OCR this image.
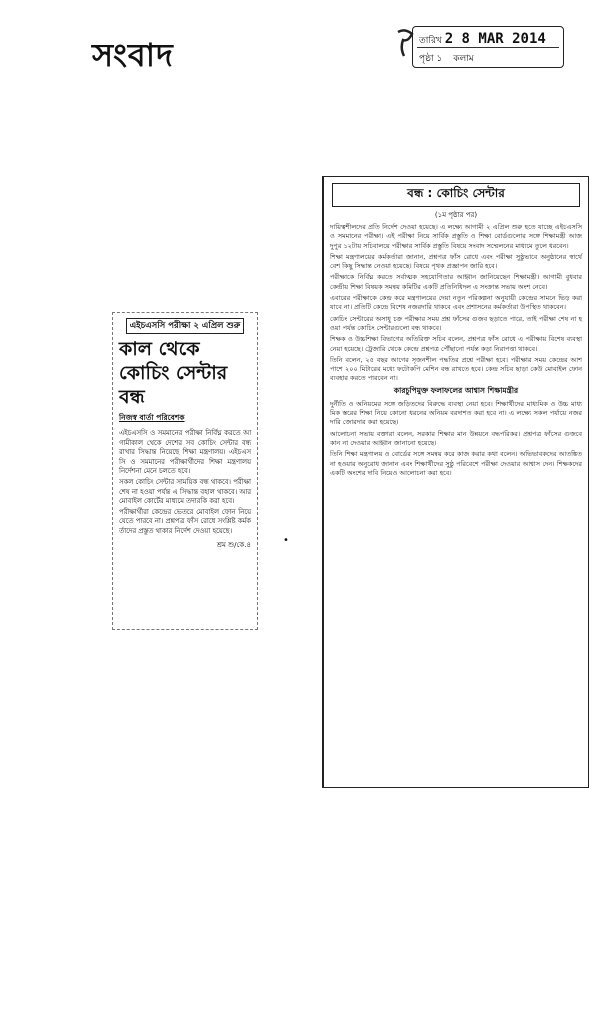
সংবাদ	তারিখ 2 8 MAR 2014
পৃষ্ঠা ১ কলাম
এইচএসসি পরীক্ষা ২ এপ্রিল শুরু
কাল থেকে কোচিং সেন্টার বন্ধ
নিজস্ব বার্তা পরিবেশক

এইচএসসি ও সমমানের পরীক্ষা নির্বিঘ্ন করতে আগামীকাল থেকে দেশের সব কোচিং সেন্টার বন্ধ রাখার সিদ্ধান্ত নিয়েছে শিক্ষা মন্ত্রণালয়। এইচএসসি ও সমমানের পরীক্ষার্থীদের শিক্ষা মন্ত্রণালয় নির্দেশনা মেনে চলতে হবে।

সকল কোচিং সেন্টার সাময়িক বন্ধ থাকবে। পরীক্ষা শেষ না হওয়া পর্যন্ত এ সিদ্ধান্ত বহাল থাকবে। আর মোবাইল কোর্টের মাধ্যমে তদারকি করা হবে।

পরীক্ষার্থীরা কেন্দ্রের ভেতরে মোবাইল ফোন নিয়ে যেতে পারবে না। প্রশ্নপত্র ফাঁস রোধে সংশ্লিষ্ট কর্মকর্তাদের প্রস্তুত থাকার নির্দেশ দেওয়া হয়েছে।

শ্রম শু/কে.৪	•
বন্ধ : কোচিং সেন্টার
(১ম পৃষ্ঠার পর)

দায়িত্বশীলদের প্রতি নির্দেশ দেওয়া হয়েছে। এ লক্ষ্যে আগামী ২ এপ্রিল শুরু হতে যাচ্ছে এইচএসসি ও সমমানের পরীক্ষা। এই পরীক্ষা নিয়ে সার্বিক প্রস্তুতি ও শিক্ষা বোর্ডগুলোর সঙ্গে শিক্ষামন্ত্রী আজ দুপুর ১২টায় সচিবালয়ে পরীক্ষার সার্বিক প্রস্তুতি বিষয়ে সংবাদ সম্মেলনের মাধ্যমে তুলে ধরবেন।

শিক্ষা মন্ত্রণালয়ের কর্মকর্তারা জানান, প্রশ্নপত্র ফাঁস রোধে এবং পরীক্ষা সুষ্ঠুভাবে অনুষ্ঠানের স্বার্থে বেশ কিছু সিদ্ধান্ত নেওয়া হয়েছে। বিষয়ে পৃথক প্রজ্ঞাপন জারি হবে।

পরীক্ষাকে নির্বিঘ্ন করতে সর্বাত্মক সহযোগিতার আহ্বান জানিয়েছেন শিক্ষামন্ত্রী। আগামী বুধবার কেন্দ্রীয় শিক্ষা বিষয়ক সমন্বয় কমিটির একটি প্রতিনিধিদল এ সংক্রান্ত সভায় অংশ নেবে।

এবারের পরীক্ষাকে কেন্দ্র করে মন্ত্রণালয়ের দেয়া নতুন পরিকল্পনা অনুযায়ী কেন্দ্রের সামনে ভিড় করা যাবে না। প্রতিটি কেন্দ্রে বিশেষ নজরদারি থাকবে এবং প্রশাসনের কর্মকর্তারা উপস্থিত থাকবেন।

কোচিং সেন্টারের অসাধু চক্র পরীক্ষার সময় প্রশ্ন ফাঁসের গুজব ছড়াতে পারে, তাই পরীক্ষা শেষ না হওয়া পর্যন্ত কোচিং সেন্টারগুলো বন্ধ থাকবে।

শিক্ষক ও উচ্চশিক্ষা বিভাগের অতিরিক্ত সচিব বলেন, প্রশ্নপত্র ফাঁস রোধে এ পরীক্ষায় বিশেষ ব্যবস্থা নেয়া হয়েছে। ট্রেজারি থেকে কেন্দ্রে প্রশ্নপত্র পৌঁছানো পর্যন্ত কড়া নিরাপত্তা থাকবে।

তিনি বলেন, ২৫ বছর আগের সৃজনশীল পদ্ধতির প্রশ্নে পরীক্ষা হবে। পরীক্ষার সময় কেন্দ্রের আশপাশে ২০০ মিটারের মধ্যে ফটোকপি মেশিন বন্ধ রাখতে হবে। কেন্দ্র সচিব ছাড়া কেউ মোবাইল ফোন ব্যবহার করতে পারবেন না।

কারচুপিমুক্ত ফলাফলের আশ্বাস শিক্ষামন্ত্রীর

দুর্নীতি ও অনিয়মের সঙ্গে জড়িতদের বিরুদ্ধে ব্যবস্থা নেয়া হবে। শিক্ষার্থীদের মাধ্যমিক ও উচ্চ মাধ্যমিক স্তরের শিক্ষা নিয়ে কোনো ধরনের অনিয়ম বরদাশত করা হবে না। এ লক্ষ্যে সকল পর্যায়ে নজরদারি জোরদার করা হয়েছে।

আলোচনা সভায় বক্তারা বলেন, সরকার শিক্ষার মান উন্নয়নে বদ্ধপরিকর। প্রশ্নপত্র ফাঁসের গুজবে কান না দেওয়ার আহ্বান জানানো হয়েছে।

তিনি শিক্ষা মন্ত্রণালয় ও বোর্ডের সঙ্গে সমন্বয় করে কাজ করার কথা বলেন। অভিভাবকদের আতঙ্কিত না হওয়ার অনুরোধ জানান এবং শিক্ষার্থীদের সুষ্ঠু পরিবেশে পরীক্ষা দেওয়ার আশ্বাস দেন। শিক্ষকদের একটি অংশের দাবি নিয়েও আলোচনা করা হবে।
